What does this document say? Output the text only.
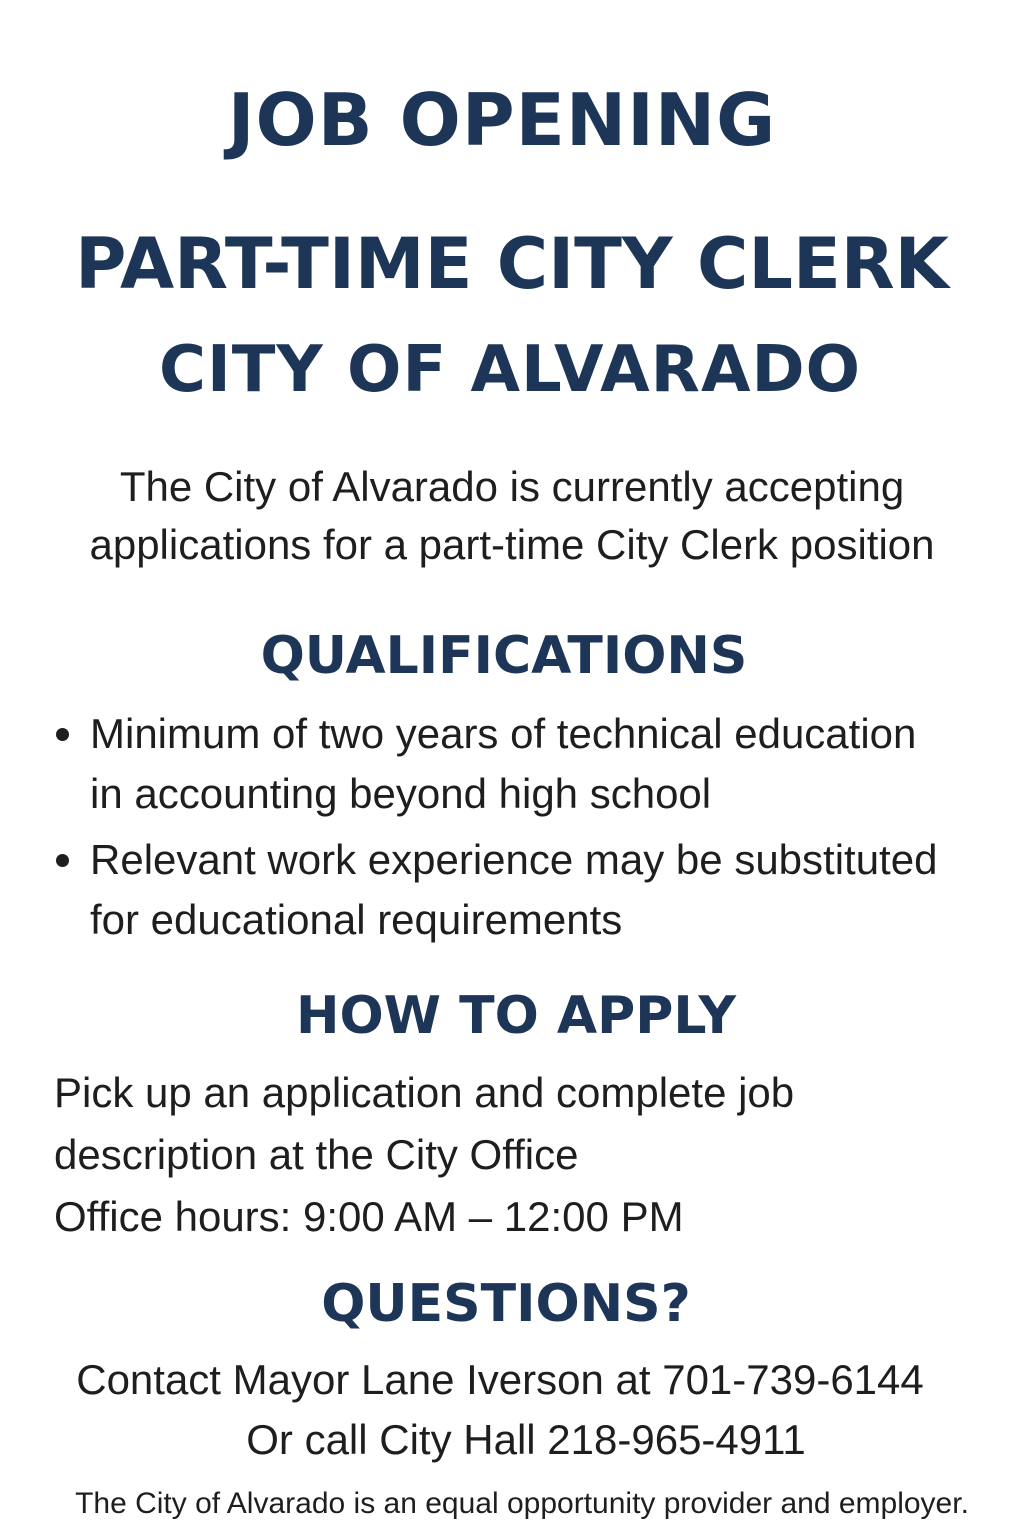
JOB OPENING
PART-TIME CITY CLERK
CITY OF ALVARADO
The City of Alvarado is currently accepting
applications for a part-time City Clerk position
QUALIFICATIONS
Minimum of two years of technical education
in accounting beyond high school
Relevant work experience may be substituted
for educational requirements
HOW TO APPLY
Pick up an application and complete job
description at the City Office
Office hours: 9:00 AM – 12:00 PM
QUESTIONS?
Contact Mayor Lane Iverson at 701-739-6144
Or call City Hall 218-965-4911
The City of Alvarado is an equal opportunity provider and employer.
